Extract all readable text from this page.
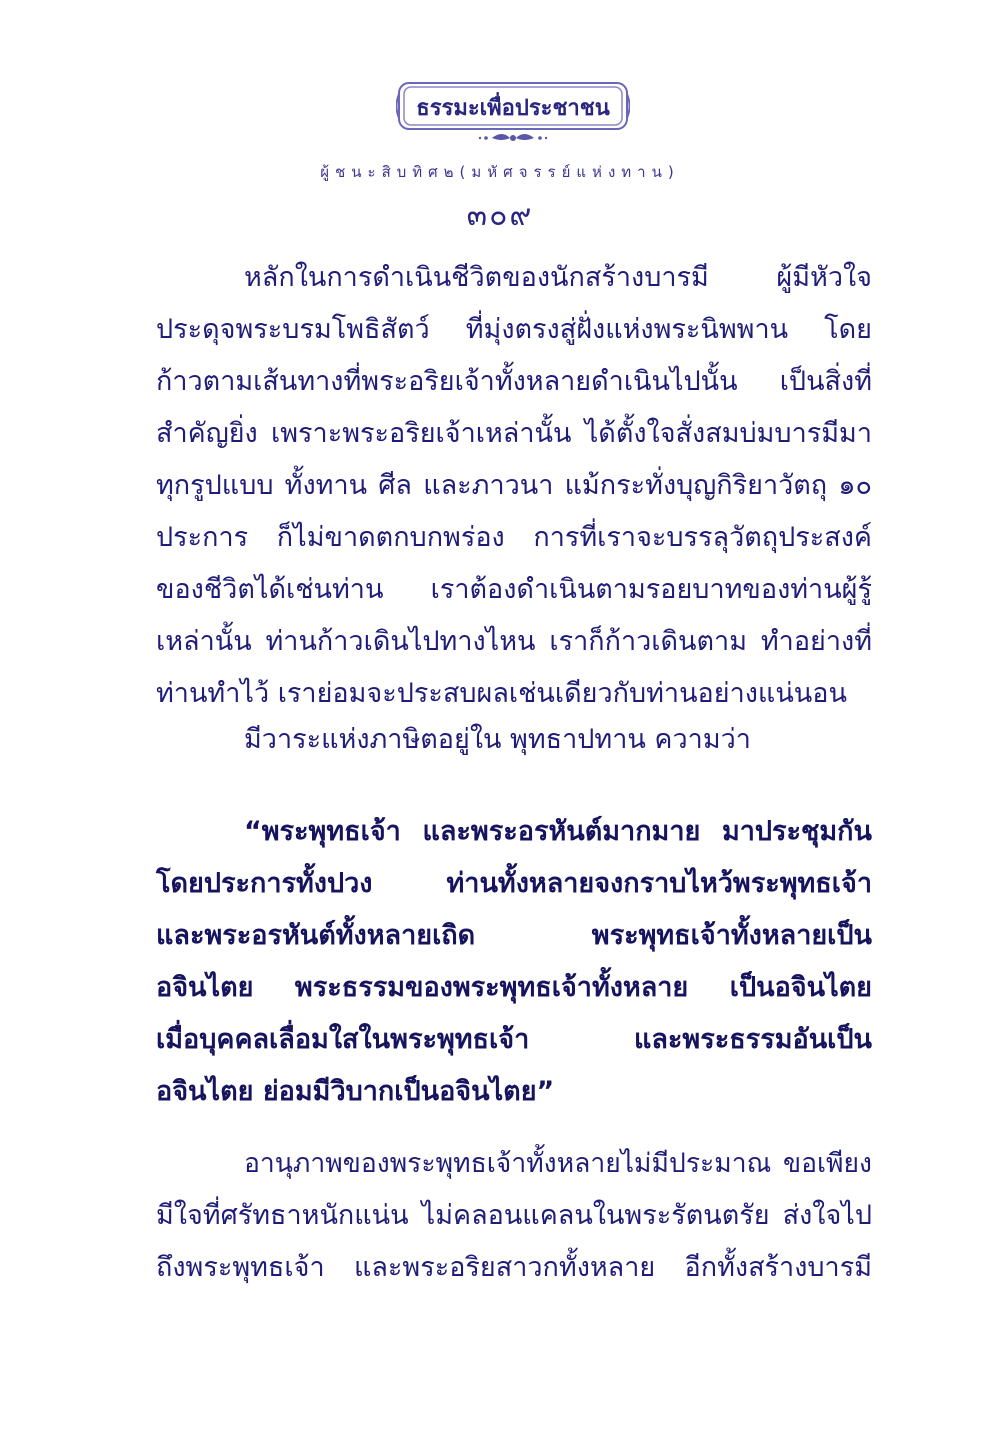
ธรรมะเพื่อประชาชน
ผู้ชนะสิบทิศ๒(มหัศจรรย์แห่งทาน)
๓๐๙
หลักในการดำเนินชีวิตของนักสร้างบารมี ผู้มีหัวใจ
ประดุจพระบรมโพธิสัตว์ ที่มุ่งตรงสู่ฝั่งแห่งพระนิพพาน โดย
ก้าวตามเส้นทางที่พระอริยเจ้าทั้งหลายดำเนินไปนั้น เป็นสิ่งที่
สำคัญยิ่ง เพราะพระอริยเจ้าเหล่านั้น ได้ตั้งใจสั่งสมบ่มบารมีมา
ทุกรูปแบบ ทั้งทาน ศีล และภาวนา แม้กระทั่งบุญกิริยาวัตถุ ๑๐
ประการ ก็ไม่ขาดตกบกพร่อง การที่เราจะบรรลุวัตถุประสงค์
ของชีวิตได้เช่นท่าน เราต้องดำเนินตามรอยบาทของท่านผู้รู้
เหล่านั้น ท่านก้าวเดินไปทางไหน เราก็ก้าวเดินตาม ทำอย่างที่
ท่านทำไว้ เราย่อมจะประสบผลเช่นเดียวกับท่านอย่างแน่นอน
มีวาระแห่งภาษิตอยู่ใน พุทธาปทาน ความว่า
“พระพุทธเจ้า และพระอรหันต์มากมาย มาประชุมกัน
โดยประการทั้งปวง ท่านทั้งหลายจงกราบไหว้พระพุทธเจ้า
และพระอรหันต์ทั้งหลายเถิด พระพุทธเจ้าทั้งหลายเป็น
อจินไตย พระธรรมของพระพุทธเจ้าทั้งหลาย เป็นอจินไตย
เมื่อบุคคลเลื่อมใสในพระพุทธเจ้า และพระธรรมอันเป็น
อจินไตย ย่อมมีวิบากเป็นอจินไตย”
อานุภาพของพระพุทธเจ้าทั้งหลายไม่มีประมาณ ขอเพียง
มีใจที่ศรัทธาหนักแน่น ไม่คลอนแคลนในพระรัตนตรัย ส่งใจไป
ถึงพระพุทธเจ้า และพระอริยสาวกทั้งหลาย อีกทั้งสร้างบารมี
